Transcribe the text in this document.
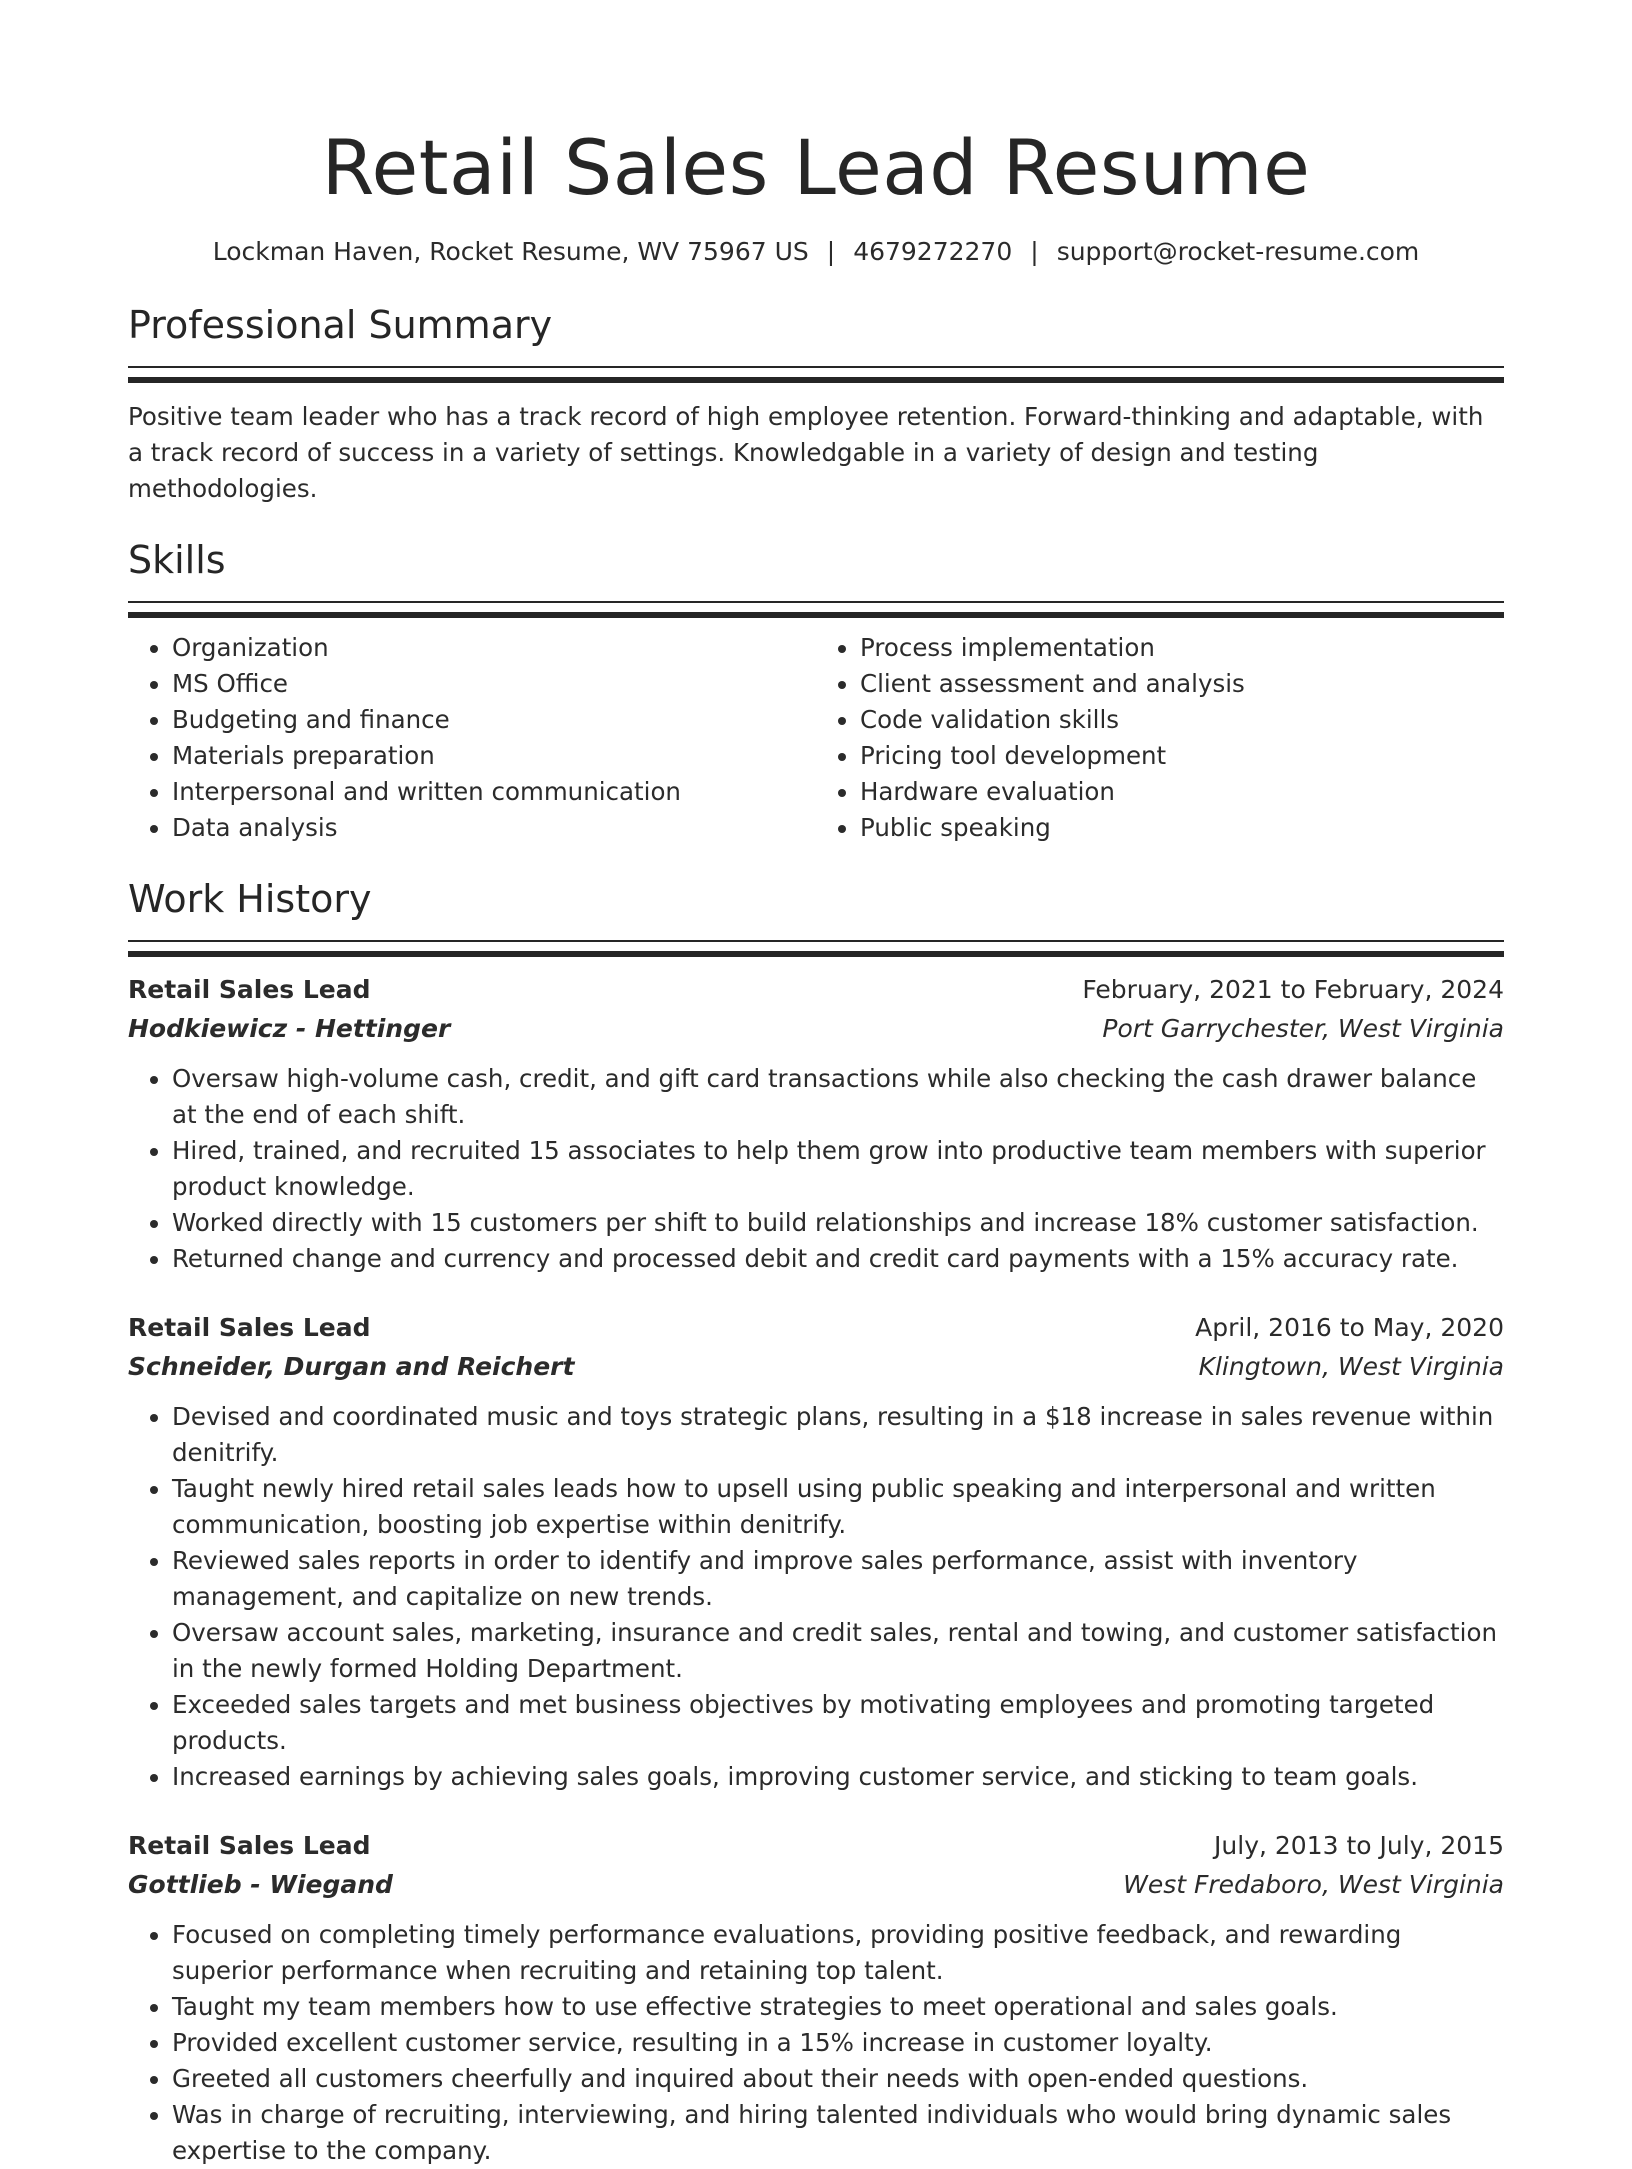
Retail Sales Lead Resume
Lockman Haven, Rocket Resume, WV 75967 US | 4679272270 | support@rocket-resume.com
Professional Summary

Positive team leader who has a track record of high employee retention. Forward-thinking and adaptable, with a track record of success in a variety of settings. Knowledgable in a variety of design and testing methodologies.

Skills
• Organization
• MS Office
• Budgeting and finance
• Materials preparation
• Interpersonal and written communication
• Data analysis
• Process implementation
• Client assessment and analysis
• Code validation skills
• Pricing tool development
• Hardware evaluation
• Public speaking
Work History
Retail Sales Lead	February, 2021 to February, 2024
Hodkiewicz - Hettinger	Port Garrychester, West Virginia
• Oversaw high-volume cash, credit, and gift card transactions while also checking the cash drawer balance at the end of each shift.
• Hired, trained, and recruited 15 associates to help them grow into productive team members with superior product knowledge.
• Worked directly with 15 customers per shift to build relationships and increase 18% customer satisfaction.
• Returned change and currency and processed debit and credit card payments with a 15% accuracy rate.
Retail Sales Lead	April, 2016 to May, 2020
Schneider, Durgan and Reichert	Klingtown, West Virginia
• Devised and coordinated music and toys strategic plans, resulting in a $18 increase in sales revenue within denitrify.
• Taught newly hired retail sales leads how to upsell using public speaking and interpersonal and written communication, boosting job expertise within denitrify.
• Reviewed sales reports in order to identify and improve sales performance, assist with inventory management, and capitalize on new trends.
• Oversaw account sales, marketing, insurance and credit sales, rental and towing, and customer satisfaction in the newly formed Holding Department.
• Exceeded sales targets and met business objectives by motivating employees and promoting targeted products.
• Increased earnings by achieving sales goals, improving customer service, and sticking to team goals.
Retail Sales Lead	July, 2013 to July, 2015
Gottlieb - Wiegand	West Fredaboro, West Virginia
• Focused on completing timely performance evaluations, providing positive feedback, and rewarding superior performance when recruiting and retaining top talent.
• Taught my team members how to use effective strategies to meet operational and sales goals.
• Provided excellent customer service, resulting in a 15% increase in customer loyalty.
• Greeted all customers cheerfully and inquired about their needs with open-ended questions.
• Was in charge of recruiting, interviewing, and hiring talented individuals who would bring dynamic sales expertise to the company.
